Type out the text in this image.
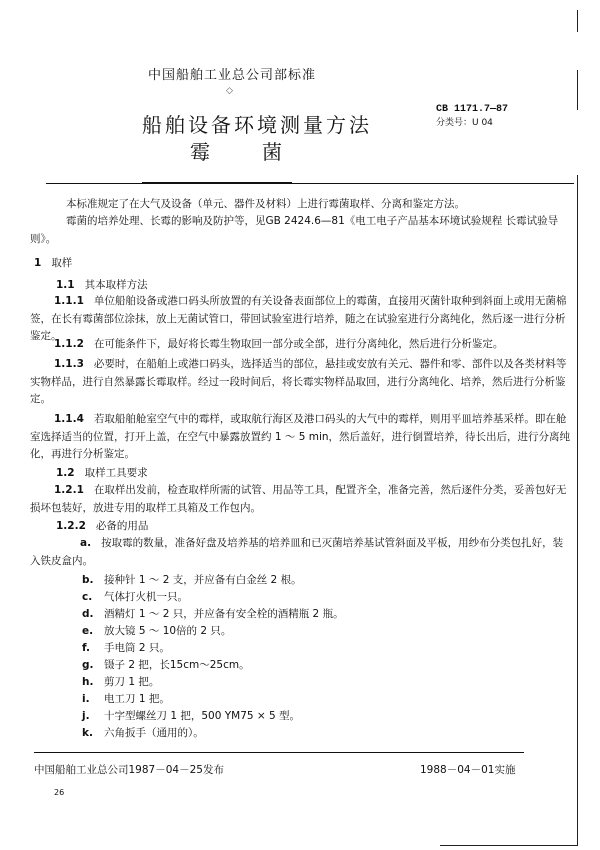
中国船舶工业总公司部标准
◇
船舶设备环境测量方法
霉	菌
CB 1171.7—87
分类号：U 04
本标准规定了在大气及设备（单元、器件及材料）上进行霉菌取样、分离和鉴定方法。
霉菌的培养处理、长霉的影响及防护等，见GB 2424.6—81《电工电子产品基本环境试验规程 长霉试验导则》。
1 取样
1.1 其本取样方法
1.1.1 单位船舶设备或港口码头所放置的有关设备表面部位上的霉菌，直接用灭菌针取种到斜面上或用无菌棉签，在长有霉菌部位涂抹，放上无菌试管口，带回试验室进行培养，随之在试验室进行分离纯化，然后逐一进行分析鉴定。
1.1.2 在可能条件下，最好将长霉生物取回一部分或全部，进行分离纯化，然后进行分析鉴定。
1.1.3 必要时，在船舶上或港口码头，选择适当的部位，悬挂或安放有关元、器件和零、部件以及各类材料等实物样品，进行自然暴露长霉取样。经过一段时间后，将长霉实物样品取回，进行分离纯化、培养，然后进行分析鉴定。
1.1.4 若取船舶舱室空气中的霉样，或取航行海区及港口码头的大气中的霉样，则用平皿培养基采样。即在舱室选择适当的位置，打开上盖，在空气中暴露放置约 1 ～ 5 min，然后盖好，进行倒置培养，待长出后，进行分离纯化，再进行分析鉴定。
1.2 取样工具要求
1.2.1 在取样出发前，检查取样所需的试管、用品等工具，配置齐全，准备完善，然后逐件分类，妥善包好无损坏包装好，放进专用的取样工具箱及工作包内。
1.2.2 必备的用品
a. 按取霉的数量，准备好盘及培养基的培养皿和已灭菌培养基试管斜面及平板，用纱布分类包扎好，装入铁皮盒内。
b. 接种针 1 ～ 2 支，并应备有白金丝 2 根。
c. 气体打火机一只。
d. 酒精灯 1 ～ 2 只，并应备有安全栓的酒精瓶 2 瓶。
e. 放大镜 5 ～ 10倍的 2 只。
f. 手电筒 2 只。
g. 镊子 2 把，长15cm～25cm。
h. 剪刀 1 把。
i. 电工刀 1 把。
j. 十字型螺丝刀 1 把，500 YM75 × 5 型。
k. 六角扳手（通用的）。
中国船舶工业总公司1987－04－25发布	1988－04－01实施
26
